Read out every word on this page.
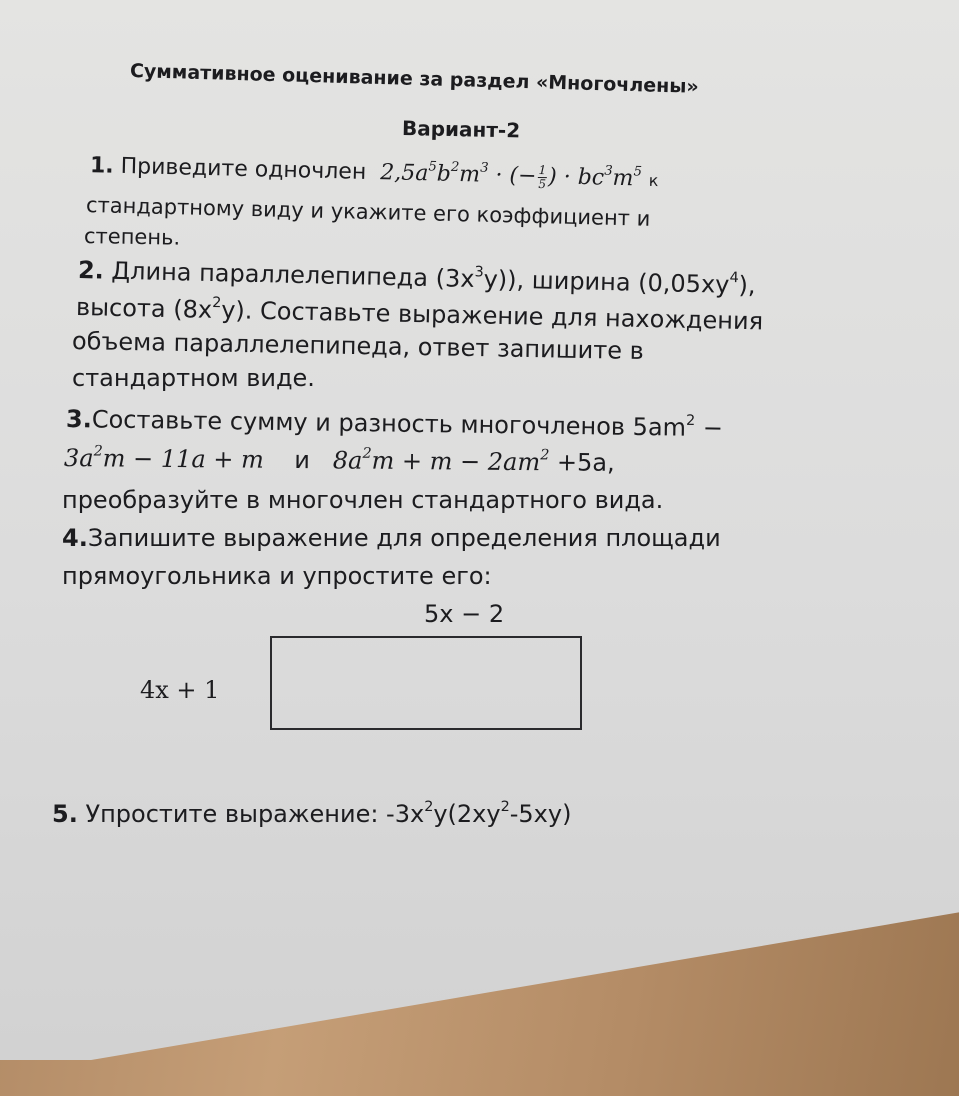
Суммативное оценивание за раздел «Многочлены»
Вариант-2
1. Приведите одночлен $2,5a^5b^2m^3$ · (− $\frac{1}{5}$ ) · $bc^3m^5$ к
стандартному виду и укажите его коэффициент и
степень.
2. Длина параллелепипеда $(3x^3y)$), ширина $(0,05xy^4)$,
высота $(8x^2y)$. Составьте выражение для нахождения
объема параллелепипеда, ответ запишите в
стандартном виде.
3.Составьте сумму и разность многочленов $5am^2$ −
$3a^2m - 11a + m$ и $8a^2m + m - 2am^2 +5a$,
преобразуйте в многочлен стандартного вида.
4.Запишите выражение для определения площади
прямоугольника и упростите его:
5x − 2
4x + 1
5. Упростите выражение: $-3x^2y(2xy^2-5xy)$
